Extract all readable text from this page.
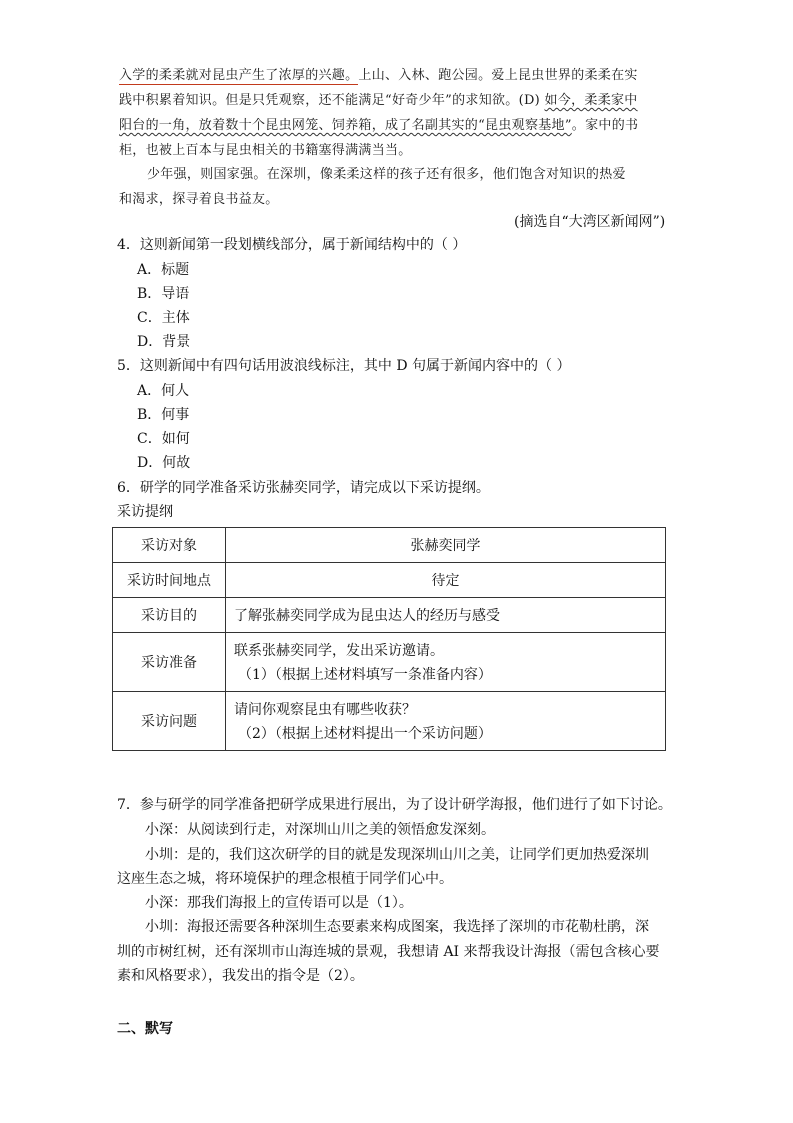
入学的柔柔就对昆虫产生了浓厚的兴趣。上山、入林、跑公园。爱上昆虫世界的柔柔在实
践中积累着知识。但是只凭观察，还不能满足“好奇少年”的求知欲。(D) 如今，柔柔家中
阳台的一角，放着数十个昆虫网笼、饲养箱，成了名副其实的“昆虫观察基地”。家中的书
柜，也被上百本与昆虫相关的书籍塞得满满当当。
少年强，则国家强。在深圳，像柔柔这样的孩子还有很多，他们饱含对知识的热爱
和渴求，探寻着良书益友。
(摘选自“大湾区新闻网”)
4．这则新闻第一段划横线部分，属于新闻结构中的（ ）
A．标题
B．导语
C．主体
D．背景
5．这则新闻中有四句话用波浪线标注，其中 D 句属于新闻内容中的（ ）
A．何人
B．何事
C．如何
D．何故
6．研学的同学准备采访张赫奕同学，请完成以下采访提纲。
采访提纲
采访对象	张赫奕同学
采访时间地点	待定
采访目的	了解张赫奕同学成为昆虫达人的经历与感受
采访准备	联系张赫奕同学，发出采访邀请。
（1）（根据上述材料填写一条准备内容）

采访问题	请问你观察昆虫有哪些收获？
（2）（根据上述材料提出一个采访问题）
7．参与研学的同学准备把研学成果进行展出，为了设计研学海报，他们进行了如下讨论。
小深：从阅读到行走，对深圳山川之美的领悟愈发深刻。
小圳：是的，我们这次研学的目的就是发现深圳山川之美，让同学们更加热爱深圳
这座生态之城，将环境保护的理念根植于同学们心中。
小深：那我们海报上的宣传语可以是（1）。
小圳：海报还需要各种深圳生态要素来构成图案，我选择了深圳的市花勒杜鹃，深
圳的市树红树，还有深圳市山海连城的景观，我想请 AI 来帮我设计海报（需包含核心要
素和风格要求），我发出的指令是（2）。
二、默写
